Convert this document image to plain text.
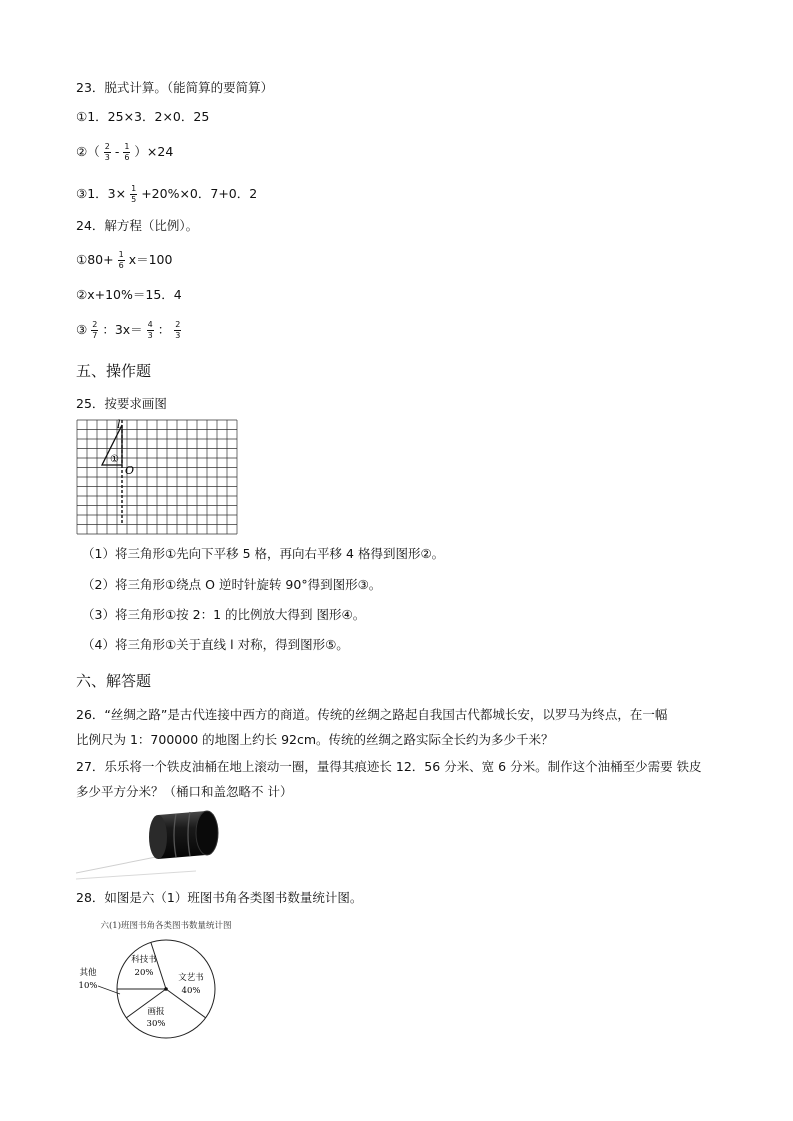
23．脱式计算。（能简算的要简算）
①1．25×3．2×0．25
②（ $\frac{2}{3} - \frac{1}{6} )\times 24$
③1．$3\times \frac{1}{5} +20\%\times 0$．7+0．2
24．解方程（比例）。
①80+ $\frac{1}{6} x=100$
②x+10%＝15．4
③ $\frac{2}{7}$ ：$3x= \frac{4}{3}$ ： $\frac{2}{3}$
五、操作题
25．按要求画图
l
①
O
（1）将三角形①先向下平移 5 格，再向右平移 4 格得到图形②。
（2）将三角形①绕点 O 逆时针旋转 90°得到图形③。
（3）将三角形①按 2：1 的比例放大得到 图形④。
（4）将三角形①关于直线 l 对称，得到图形⑤。
六、解答题
26．“丝绸之路”是古代连接中西方的商道。传统的丝绸之路起自我国古代都城长安，以罗马为终点，在一幅
比例尺为 1：700000 的地图上约长 92cm。传统的丝绸之路实际全长约为多少千米？
27．乐乐将一个铁皮油桶在地上滚动一圈，量得其痕迹长 12．56 分米、宽 6 分米。制作这个油桶至少需要 铁皮
多少平方分米？（桶口和盖忽略不 计）
28．如图是六（1）班图书角各类图书数量统计图。
六(1)班图书角各类图书数量统计图
文艺书
40%
画报
30%
其他
10%
科技书
20%
